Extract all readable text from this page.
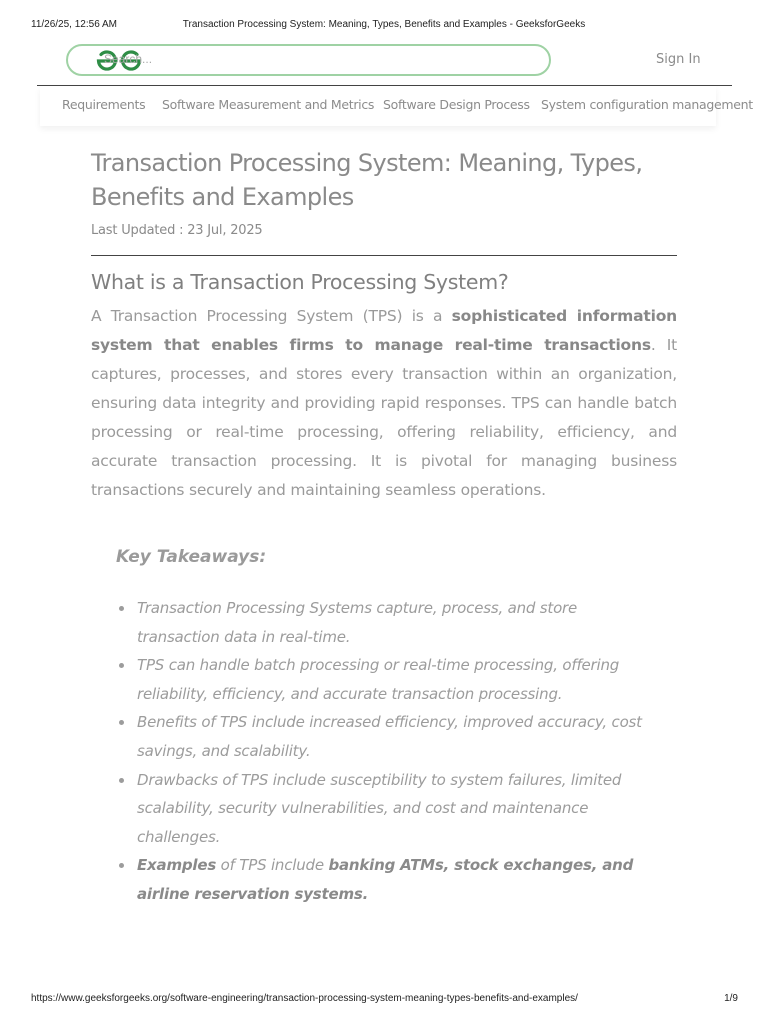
11/26/25, 12:56 AM	Transaction Processing System: Meaning, Types, Benefits and Examples - GeeksforGeeks
Search...	Sign In
Requirements Software Measurement and Metrics Software Design Process System configuration management
Transaction Processing System: Meaning, Types, Benefits and Examples
Last Updated : 23 Jul, 2025
What is a Transaction Processing System?

A Transaction Processing System (TPS) is a sophisticated information system that enables firms to manage real-time transactions. It captures, processes, and stores every transaction within an organization, ensuring data integrity and providing rapid responses. TPS can handle batch processing or real-time processing, offering reliability, efficiency, and accurate transaction processing. It is pivotal for managing business transactions securely and maintaining seamless operations.

Key Takeaways:
Transaction Processing Systems capture, process, and store transaction data in real-time.
TPS can handle batch processing or real-time processing, offering reliability, efficiency, and accurate transaction processing.
Benefits of TPS include increased efficiency, improved accuracy, cost savings, and scalability.
Drawbacks of TPS include susceptibility to system failures, limited scalability, security vulnerabilities, and cost and maintenance challenges.
Examples of TPS include banking ATMs, stock exchanges, and airline reservation systems.
https://www.geeksforgeeks.org/software-engineering/transaction-processing-system-meaning-types-benefits-and-examples/	1/9
